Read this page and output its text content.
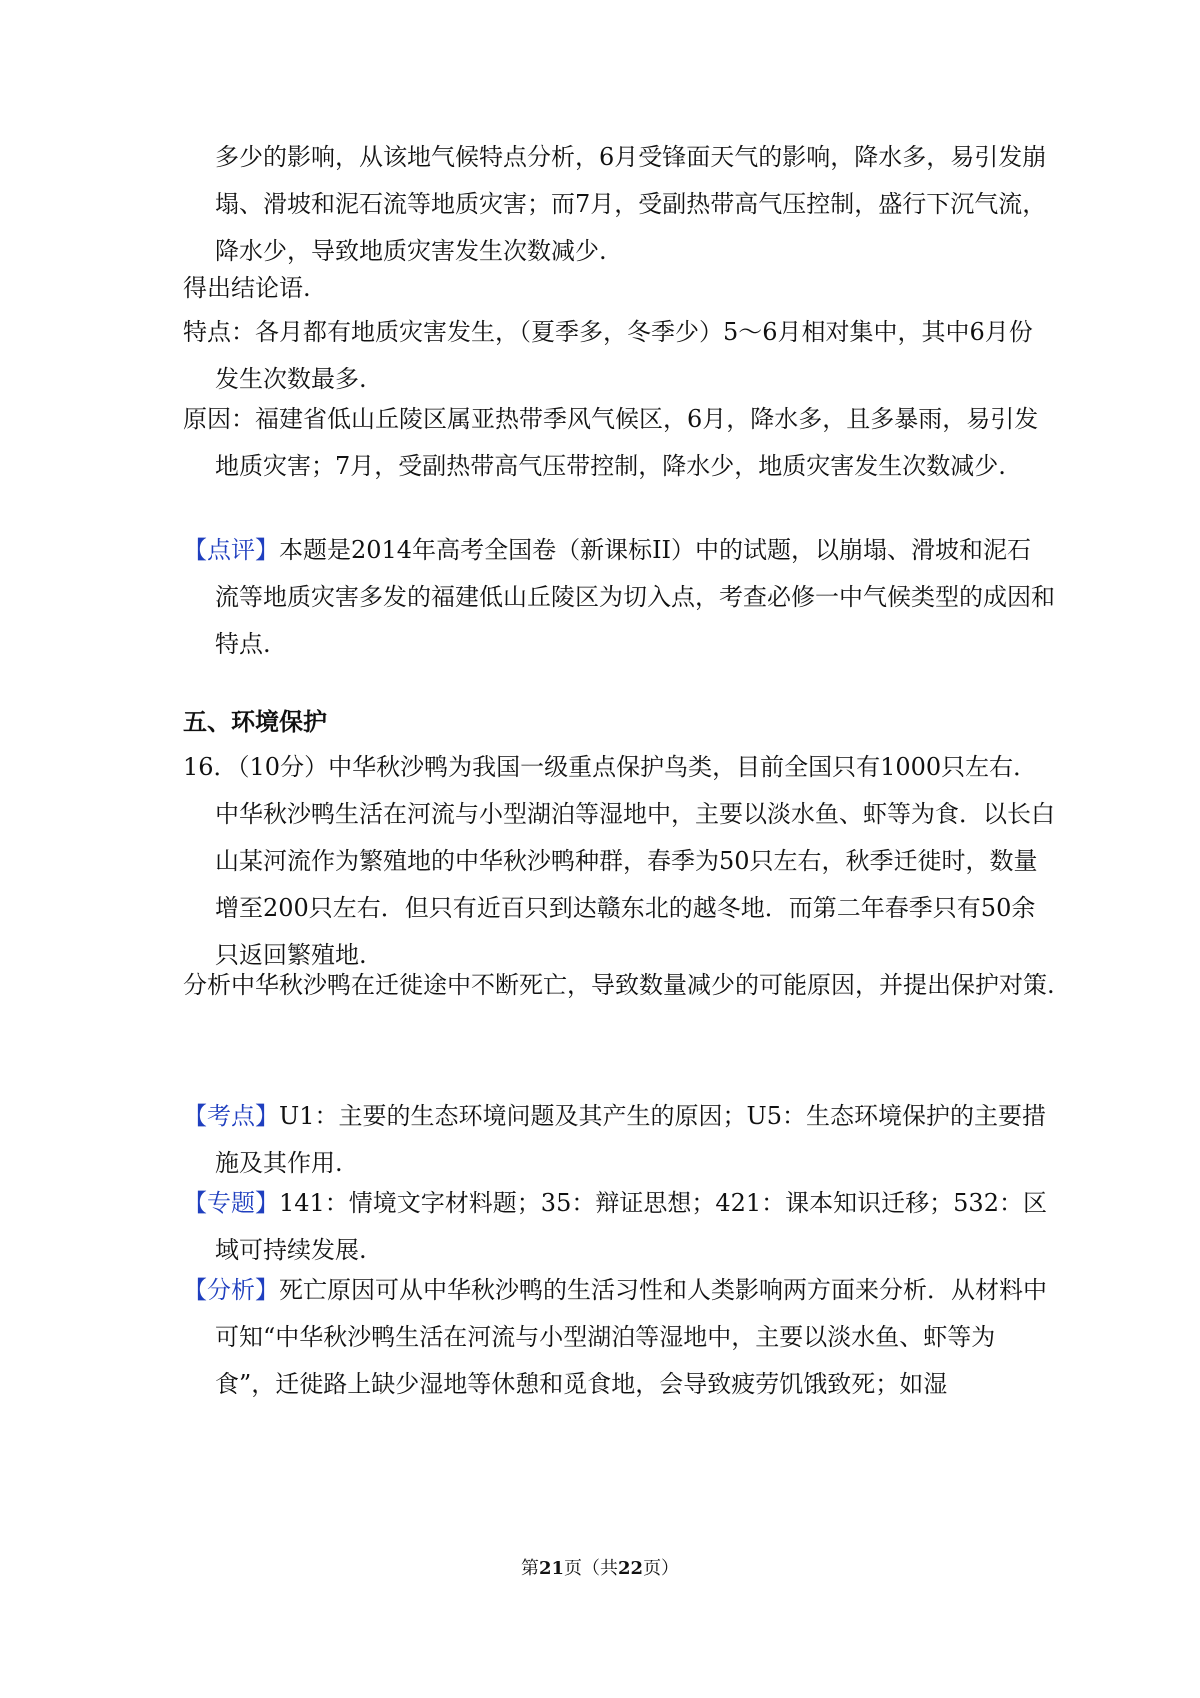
多少的影响，从该地气候特点分析，6月受锋面天气的影响，降水多，易引发崩塌、滑坡和泥石流等地质灾害；而7月，受副热带高气压控制，盛行下沉气流，降水少，导致地质灾害发生次数减少.

得出结论语.

特点：各月都有地质灾害发生，（夏季多，冬季少）5～6月相对集中，其中6月份发生次数最多.

原因：福建省低山丘陵区属亚热带季风气候区，6月，降水多，且多暴雨，易引发地质灾害；7月，受副热带高气压带控制，降水少，地质灾害发生次数减少.

【点评】本题是2014年高考全国卷（新课标II）中的试题，以崩塌、滑坡和泥石流等地质灾害多发的福建低山丘陵区为切入点，考查必修一中气候类型的成因和特点.

五、环境保护

16．（10分）中华秋沙鸭为我国一级重点保护鸟类，目前全国只有1000只左右．中华秋沙鸭生活在河流与小型湖泊等湿地中，主要以淡水鱼、虾等为食．以长白山某河流作为繁殖地的中华秋沙鸭种群，春季为50只左右，秋季迁徙时，数量增至200只左右．但只有近百只到达赣东北的越冬地．而第二年春季只有50余只返回繁殖地.

分析中华秋沙鸭在迁徙途中不断死亡，导致数量减少的可能原因，并提出保护对策.

【考点】U1：主要的生态环境问题及其产生的原因；U5：生态环境保护的主要措施及其作用.

【专题】141：情境文字材料题；35：辩证思想；421：课本知识迁移；532：区域可持续发展.

【分析】死亡原因可从中华秋沙鸭的生活习性和人类影响两方面来分析．从材料中可知“中华秋沙鸭生活在河流与小型湖泊等湿地中，主要以淡水鱼、虾等为食”，迁徙路上缺少湿地等休憩和觅食地，会导致疲劳饥饿致死；如湿

第21页（共22页）
